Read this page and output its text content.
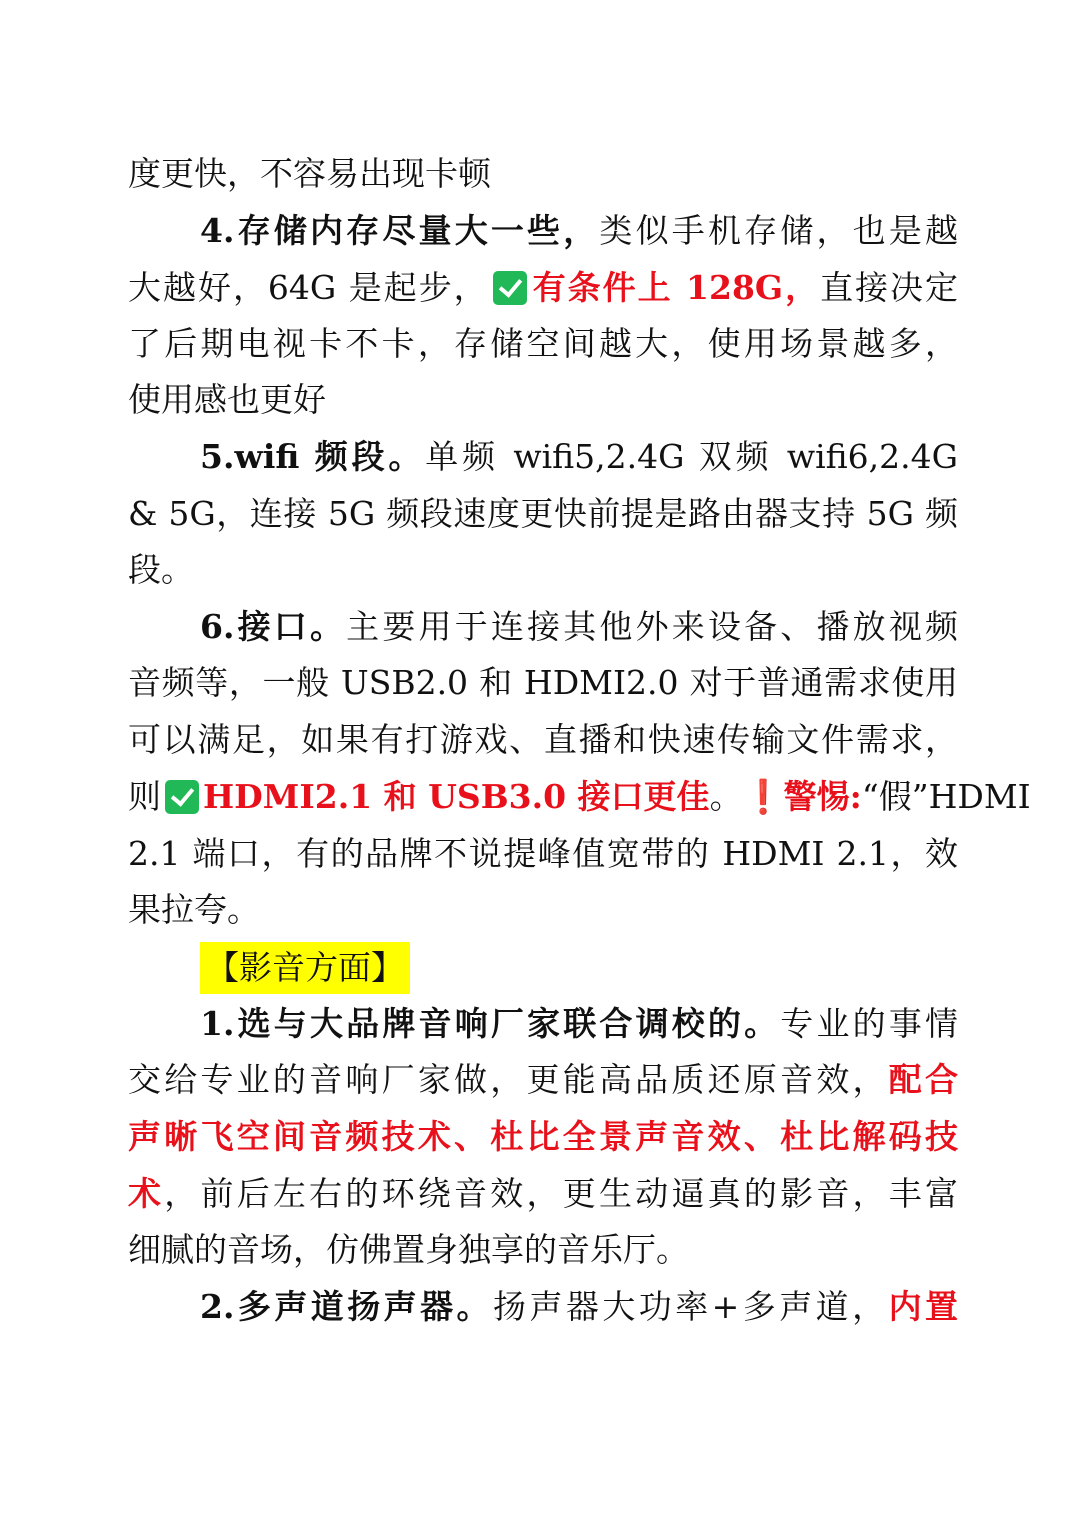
度更快，不容易出现卡顿
4.存储内存尽量大一些，类似手机存储，也是越
大越好，64G 是起步， 有条件上 128G，直接决定
了后期电视卡不卡，存储空间越大，使用场景越多，
使用感也更好
5.wifi 频段。单频 wifi5,2.4G 双频 wifi6,2.4G
& 5G，连接 5G 频段速度更快前提是路由器支持 5G 频
段。
6.接口。主要用于连接其他外来设备、播放视频
音频等，一般 USB2.0 和 HDMI2.0 对于普通需求使用
可以满足，如果有打游戏、直播和快速传输文件需求，
则 HDMI2.1 和 USB3.0 接口更佳。❗警惕:“假”HDMI
2.1 端口，有的品牌不说提峰值宽带的 HDMI 2.1，效
果拉夸。
【影音方面】
1.选与大品牌音响厂家联合调校的。专业的事情
交给专业的音响厂家做，更能高品质还原音效，配合
声晰飞空间音频技术、杜比全景声音效、杜比解码技
术，前后左右的环绕音效，更生动逼真的影音，丰富
细腻的音场，仿佛置身独享的音乐厅。
2.多声道扬声器。扬声器大功率+多声道，内置
